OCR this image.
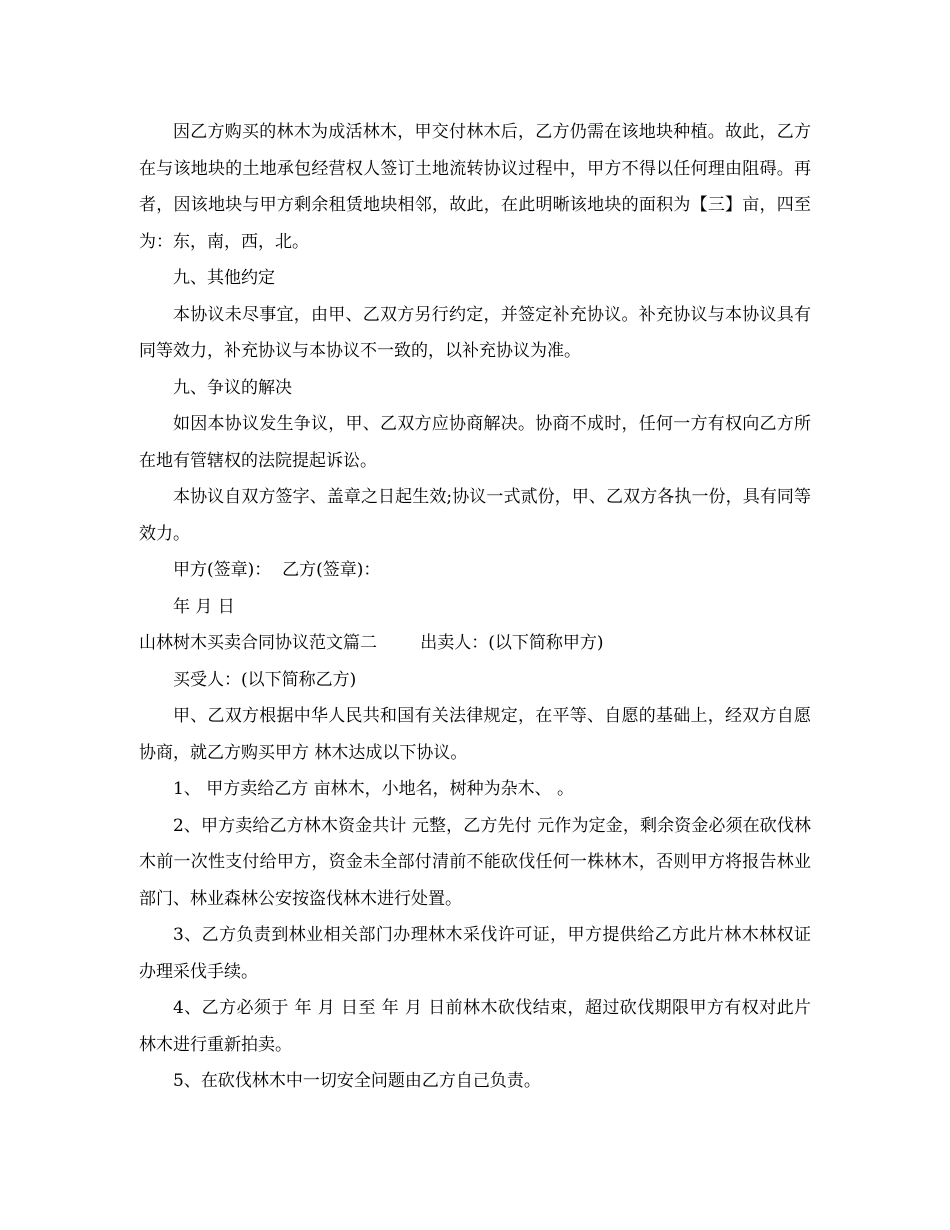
因乙方购买的林木为成活林木，甲交付林木后，乙方仍需在该地块种植。故此，乙方在与该地块的土地承包经营权人签订土地流转协议过程中，甲方不得以任何理由阻碍。再者，因该地块与甲方剩余租赁地块相邻，故此，在此明晰该地块的面积为【三】亩，四至为：东，南，西，北。

九、其他约定

本协议未尽事宜，由甲、乙双方另行约定，并签定补充协议。补充协议与本协议具有同等效力，补充协议与本协议不一致的，以补充协议为准。

九、争议的解决

如因本协议发生争议，甲、乙双方应协商解决。协商不成时，任何一方有权向乙方所在地有管辖权的法院提起诉讼。

本协议自双方签字、盖章之日起生效;协议一式贰份，甲、乙双方各执一份，具有同等效力。

甲方(签章)：  乙方(签章)：

年 月 日

山林树木买卖合同协议范文篇二        出卖人：(以下简称甲方)

买受人：(以下简称乙方)

甲、乙双方根据中华人民共和国有关法律规定，在平等、自愿的基础上，经双方自愿协商，就乙方购买甲方 林木达成以下协议。

1、 甲方卖给乙方 亩林木，小地名，树种为杂木、 。

2、甲方卖给乙方林木资金共计 元整，乙方先付 元作为定金，剩余资金必须在砍伐林木前一次性支付给甲方，资金未全部付清前不能砍伐任何一株林木，否则甲方将报告林业部门、林业森林公安按盗伐林木进行处置。

3、乙方负责到林业相关部门办理林木采伐许可证，甲方提供给乙方此片林木林权证办理采伐手续。

4、乙方必须于 年 月 日至 年 月 日前林木砍伐结束，超过砍伐期限甲方有权对此片林木进行重新拍卖。

5、在砍伐林木中一切安全问题由乙方自己负责。
